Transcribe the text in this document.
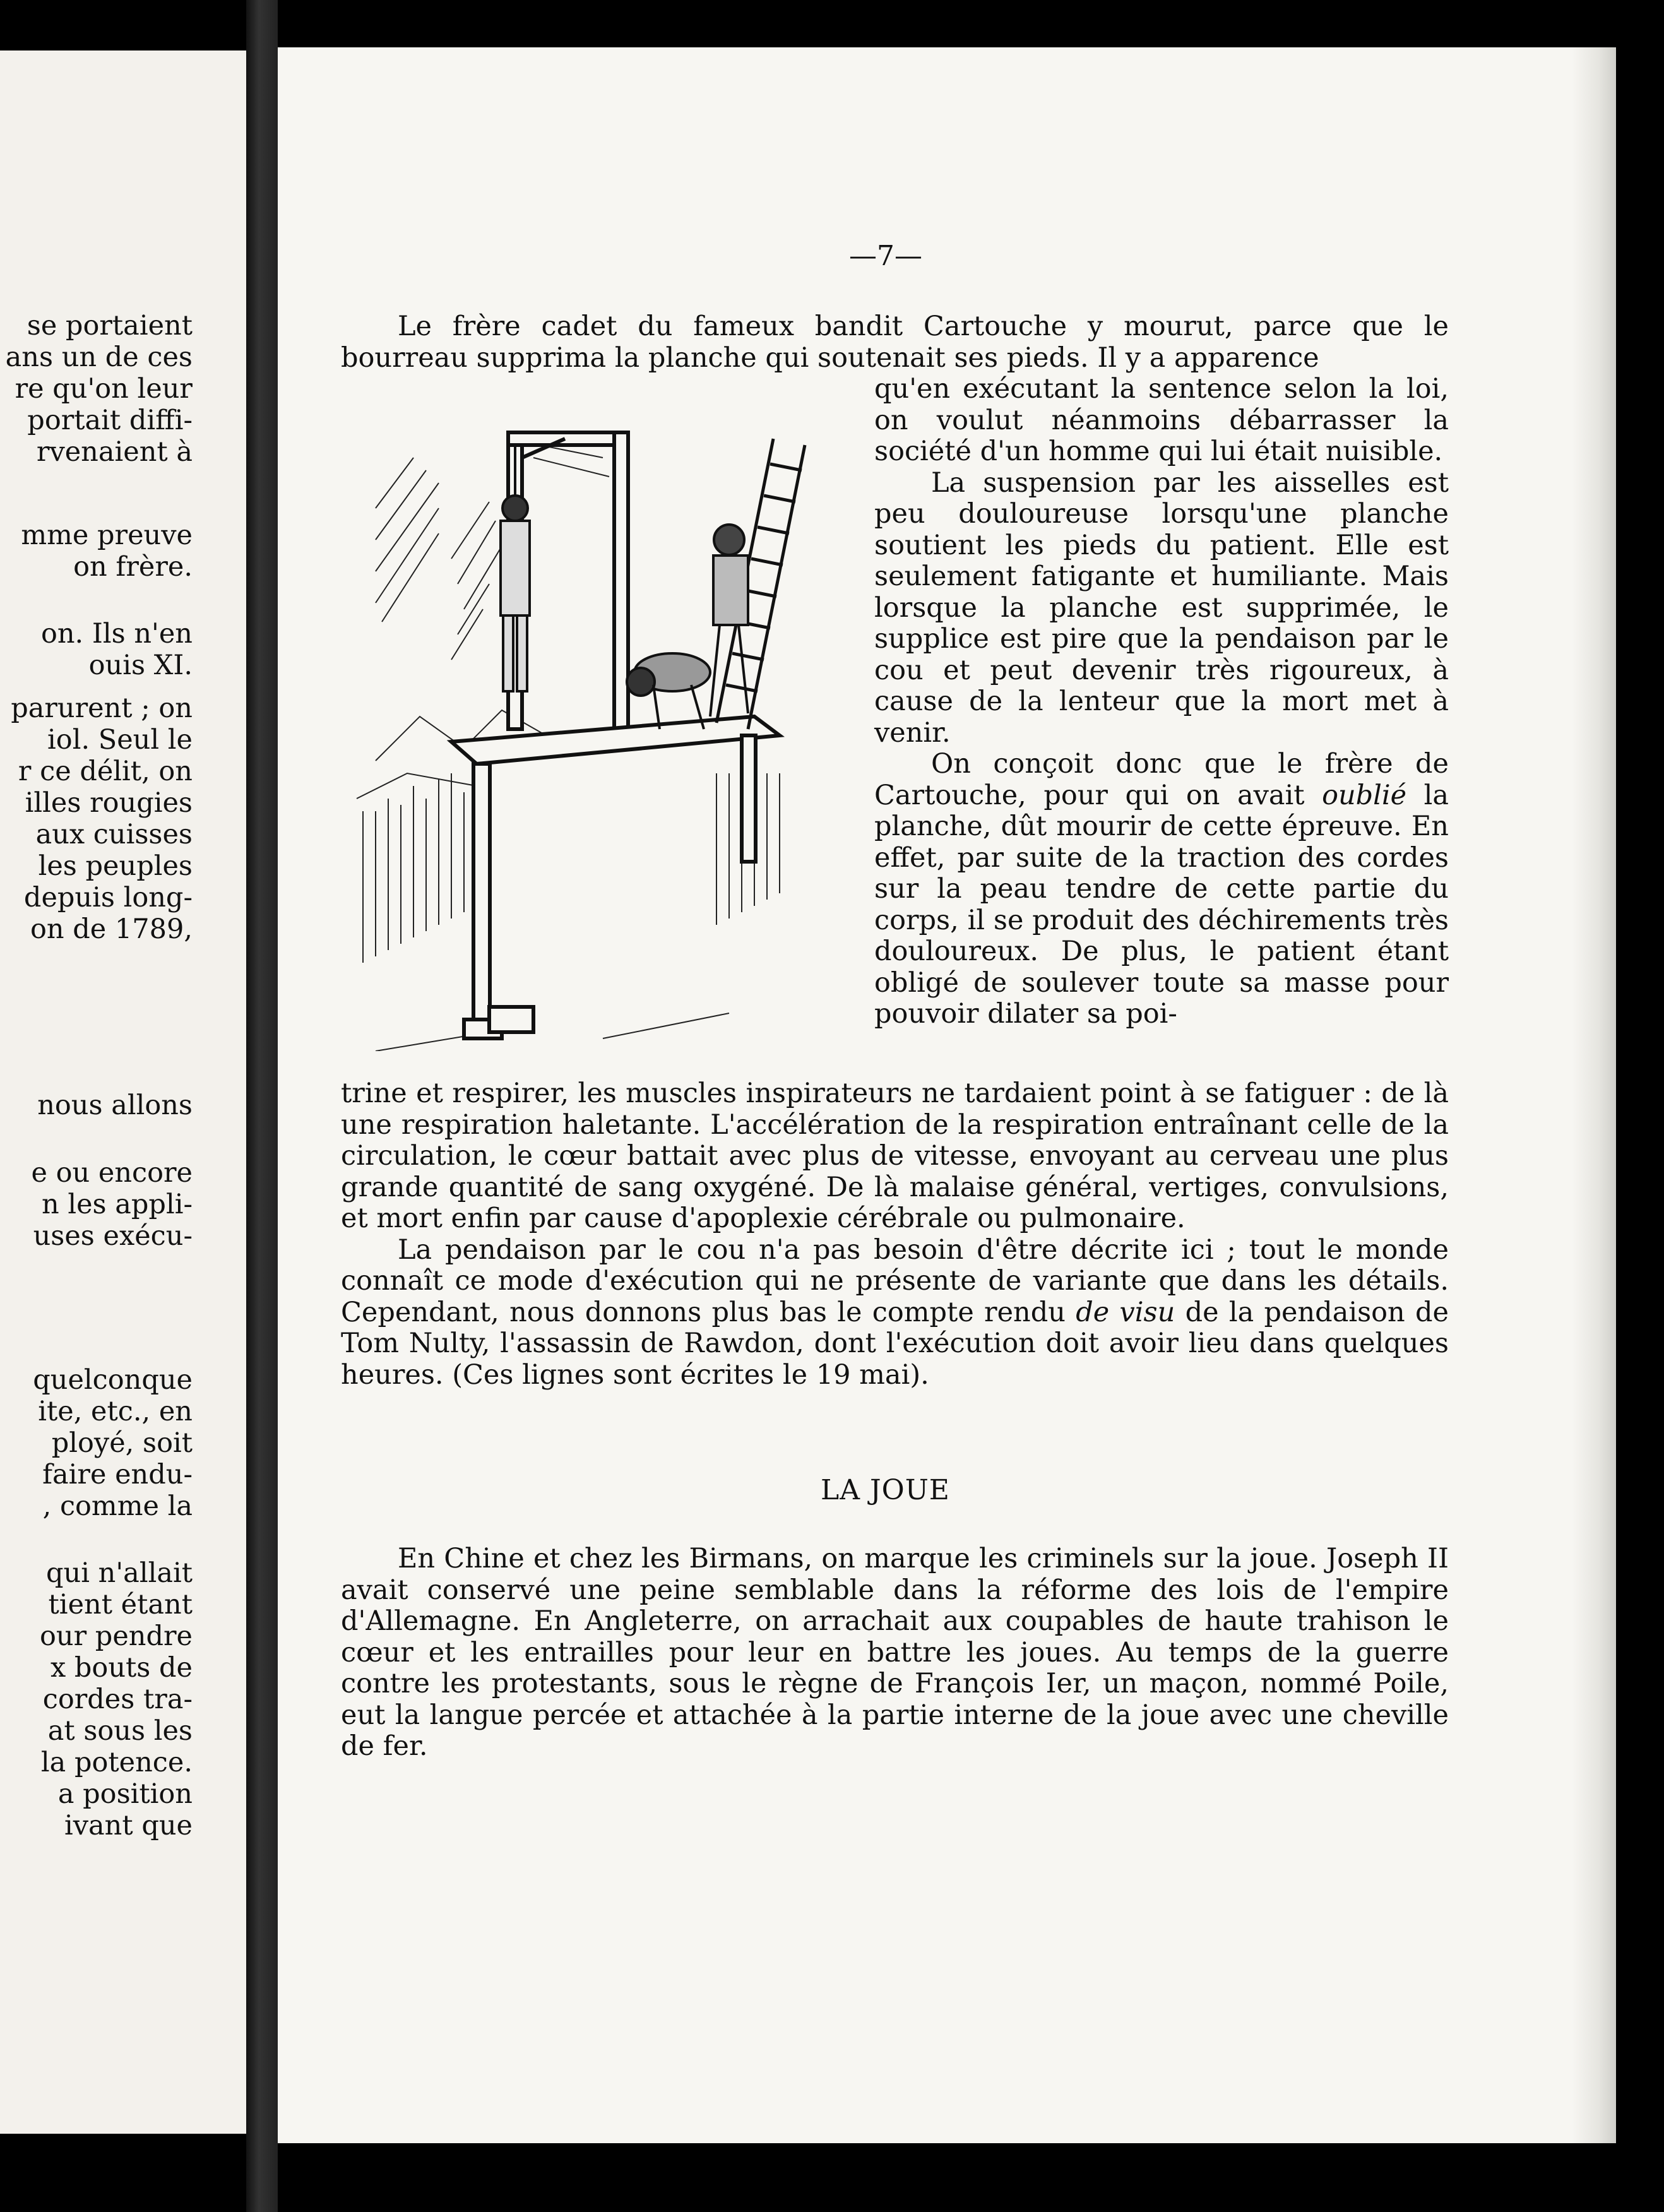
se portaient
ans un de ces
re qu'on leur
portait diffi-
rvenaient à
mme preuve
on frère.
on. Ils n'en
ouis XI.
parurent ; on
iol. Seul le
r ce délit, on
illes rougies
aux cuisses
les peuples
depuis long-
on de 1789,
nous allons
e ou encore
n les appli-
uses exécu-
quelconque
ite, etc., en
ployé, soit
faire endu-
, comme la
qui n'allait
tient étant
our pendre
x bouts de
cordes tra-
at sous les
la potence.
a position
ivant que
—7—

Le frère cadet du fameux bandit Cartouche y mourut, parce que le bourreau supprima la planche qui soutenait ses pieds. Il y a apparence

qu'en exécutant la sentence selon la loi, on voulut néanmoins débarrasser la société d'un homme qui lui était nuisible.

La suspension par les aisselles est peu douloureuse lorsqu'une planche soutient les pieds du patient. Elle est seulement fatigante et humiliante. Mais lorsque la planche est supprimée, le supplice est pire que la pendaison par le cou et peut devenir très rigoureux, à cause de la lenteur que la mort met à venir.

On conçoit donc que le frère de Cartouche, pour qui on avait oublié la planche, dût mourir de cette épreuve. En effet, par suite de la traction des cordes sur la peau tendre de cette partie du corps, il se produit des déchirements très douloureux. De plus, le patient étant obligé de soulever toute sa masse pour pouvoir dilater sa poi-

trine et respirer, les muscles inspirateurs ne tardaient point à se fatiguer : de là une respiration haletante. L'accélération de la respiration entraînant celle de la circulation, le cœur battait avec plus de vitesse, envoyant au cerveau une plus grande quantité de sang oxygéné. De là malaise général, vertiges, convulsions, et mort enfin par cause d'apoplexie cérébrale ou pulmonaire.

La pendaison par le cou n'a pas besoin d'être décrite ici ; tout le monde connaît ce mode d'exécution qui ne présente de variante que dans les détails. Cependant, nous donnons plus bas le compte rendu de visu de la pendaison de Tom Nulty, l'assassin de Rawdon, dont l'exécution doit avoir lieu dans quelques heures. (Ces lignes sont écrites le 19 mai).

LA JOUE

En Chine et chez les Birmans, on marque les criminels sur la joue. Joseph II avait conservé une peine semblable dans la réforme des lois de l'empire d'Allemagne. En Angleterre, on arrachait aux coupables de haute trahison le cœur et les entrailles pour leur en battre les joues. Au temps de la guerre contre les protestants, sous le règne de François Ier, un maçon, nommé Poile, eut la langue percée et attachée à la partie interne de la joue avec une cheville de fer.
